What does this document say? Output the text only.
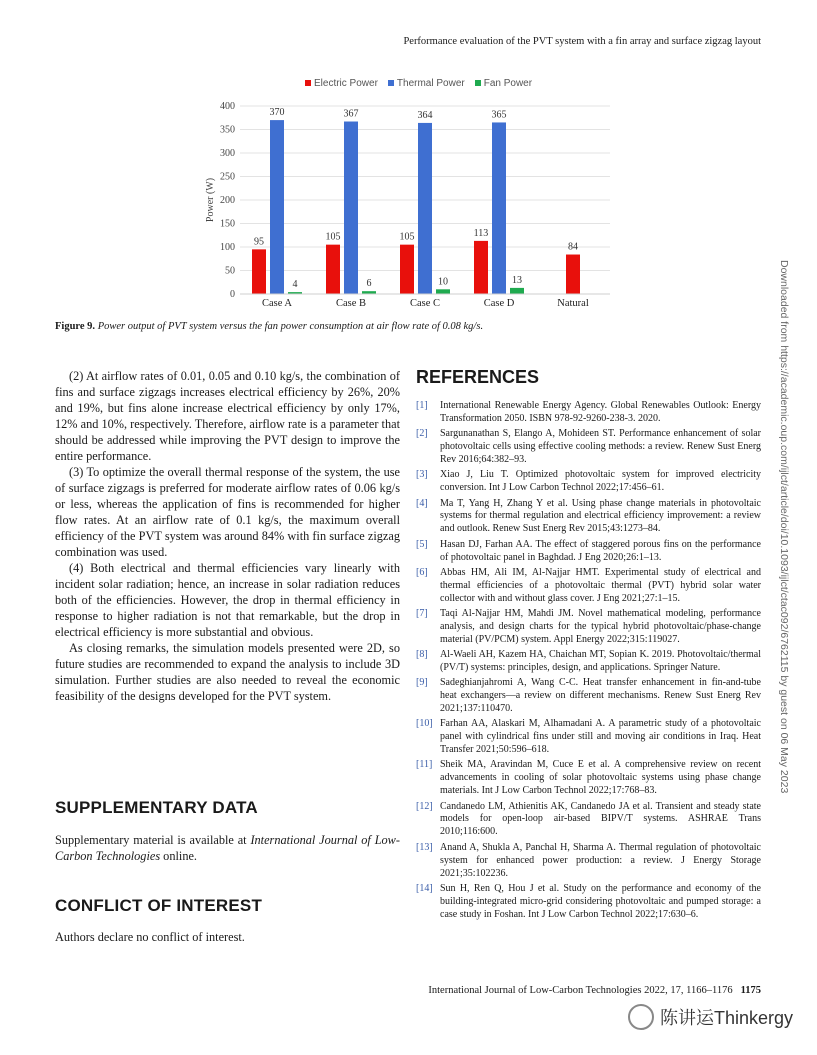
Performance evaluation of the PVT system with a fin array and surface zigzag layout
Electric Power	Thermal Power	Fan Power
0
50
100
150
200
250
300
350
400
Power (W)
95
370
4
Case A
105
367
6
Case B
105
364
10
Case C
113
365
13
Case D
84
Natural
Figure 9. Power output of PVT system versus the fan power consumption at air flow rate of 0.08 kg/s.

(2) At airflow rates of 0.01, 0.05 and 0.10 kg/s, the combination of fins and surface zigzags increases electrical efficiency by 26%, 20% and 19%, but fins alone increase electrical efficiency by only 17%, 12% and 10%, respectively. Therefore, airflow rate is a parameter that should be addressed while improving the PVT design to improve the entire performance.

(3) To optimize the overall thermal response of the system, the use of surface zigzags is preferred for moderate airflow rates of 0.06 kg/s or less, whereas the application of fins is recommended for higher flow rates. At an airflow rate of 0.1 kg/s, the maximum overall efficiency of the PVT system was around 84% with fin surface zigzag combination was used.

(4) Both electrical and thermal efficiencies vary linearly with incident solar radiation; hence, an increase in solar radiation reduces both of the efficiencies. However, the drop in thermal efficiency in response to higher radiation is not that remarkable, but the drop in electrical efficiency is more substantial and obvious.

As closing remarks, the simulation models presented were 2D, so future studies are recommended to expand the analysis to include 3D simulation. Further studies are also needed to reveal the economic feasibility of the designs developed for the PVT system.

SUPPLEMENTARY DATA
Supplementary material is available at International Journal of Low-Carbon Technologies online.
CONFLICT OF INTEREST
Authors declare no conflict of interest.
REFERENCES
[1]	International Renewable Energy Agency. Global Renewables Outlook: Energy Transformation 2050. ISBN 978-92-9260-238-3. 2020.
[2]	Sargunanathan S, Elango A, Mohideen ST. Performance enhancement of solar photovoltaic cells using effective cooling methods: a review. Renew Sust Energ Rev 2016;64:382–93.
[3]	Xiao J, Liu T. Optimized photovoltaic system for improved electricity conversion. Int J Low Carbon Technol 2022;17:456–61.
[4]	Ma T, Yang H, Zhang Y et al. Using phase change materials in photovoltaic systems for thermal regulation and electrical efficiency improvement: a review and outlook. Renew Sust Energ Rev 2015;43:1273–84.
[5]	Hasan DJ, Farhan AA. The effect of staggered porous fins on the performance of photovoltaic panel in Baghdad. J Eng 2020;26:1–13.
[6]	Abbas HM, Ali IM, Al-Najjar HMT. Experimental study of electrical and thermal efficiencies of a photovoltaic thermal (PVT) hybrid solar water collector with and without glass cover. J Eng 2021;27:1–15.
[7]	Taqi Al-Najjar HM, Mahdi JM. Novel mathematical modeling, performance analysis, and design charts for the typical hybrid photovoltaic/phase-change material (PV/PCM) system. Appl Energy 2022;315:119027.
[8]	Al-Waeli AH, Kazem HA, Chaichan MT, Sopian K. 2019. Photovoltaic/thermal (PV/T) systems: principles, design, and applications. Springer Nature.
[9]	Sadeghianjahromi A, Wang C-C. Heat transfer enhancement in fin-and-tube heat exchangers—a review on different mechanisms. Renew Sust Energ Rev 2021;137:110470.
[10] Farhan AA, Alaskari M, Alhamadani A. A parametric study of a photovoltaic panel with cylindrical fins under still and moving air conditions in Iraq. Heat Transfer 2021;50:596–618.
[11] Sheik MA, Aravindan M, Cuce E et al. A comprehensive review on recent advancements in cooling of solar photovoltaic systems using phase change materials. Int J Low Carbon Technol 2022;17:768–83.
[12] Candanedo LM, Athienitis AK, Candanedo JA et al. Transient and steady state models for open-loop air-based BIPV/T systems. ASHRAE Trans 2010;116:600.
[13] Anand A, Shukla A, Panchal H, Sharma A. Thermal regulation of photovoltaic system for enhanced power production: a review. J Energy Storage 2021;35:102236.
[14] Sun H, Ren Q, Hou J et al. Study on the performance and economy of the building-integrated micro-grid considering photovoltaic and pumped storage: a case study in Foshan. Int J Low Carbon Technol 2022;17:630–6.
International Journal of Low-Carbon Technologies 2022, 17, 1166–1176 1175
Downloaded from https://academic.oup.com/ijlct/article/doi/10.1093/ijlct/ctac092/6762115 by guest on 06 May 2023
陈讲运Thinkergy
